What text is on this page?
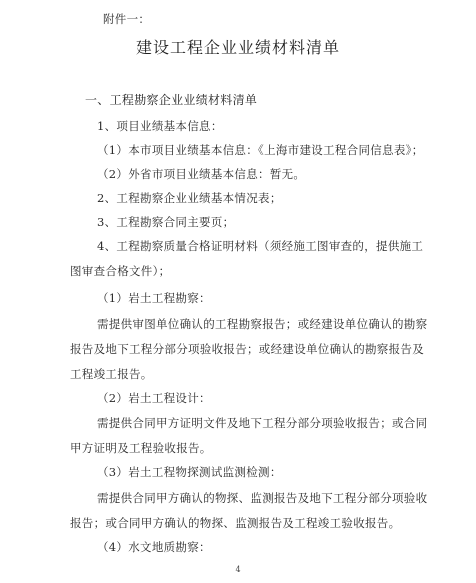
附件一：
建设工程企业业绩材料清单
一、工程勘察企业业绩材料清单
1、项目业绩基本信息：
（1）本市项目业绩基本信息：《上海市建设工程合同信息表》；
（2）外省市项目业绩基本信息：暂无。
2、工程勘察企业业绩基本情况表；
3、工程勘察合同主要页；
4、工程勘察质量合格证明材料（须经施工图审查的，提供施工
图审查合格文件）；
（1）岩土工程勘察：
需提供审图单位确认的工程勘察报告；或经建设单位确认的勘察
报告及地下工程分部分项验收报告；或经建设单位确认的勘察报告及
工程竣工报告。
（2）岩土工程设计：
需提供合同甲方证明文件及地下工程分部分项验收报告；或合同
甲方证明及工程验收报告。
（3）岩土工程物探测试监测检测：
需提供合同甲方确认的物探、监测报告及地下工程分部分项验收
报告；或合同甲方确认的物探、监测报告及工程竣工验收报告。
（4）水文地质勘察：
4
